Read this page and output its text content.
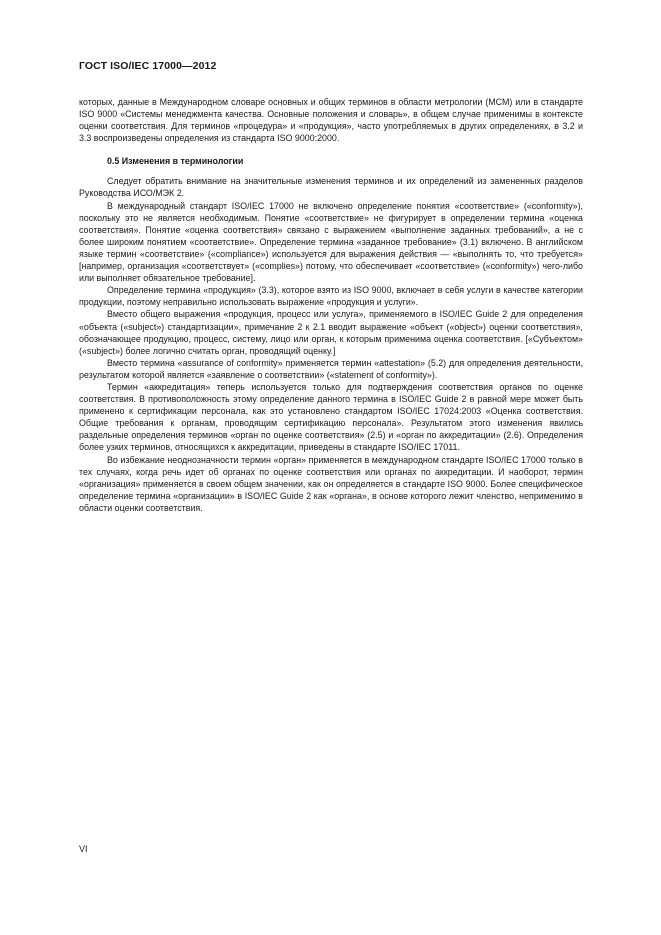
ГОСТ ISO/IEC 17000—2012

которых, данные в Международном словаре основных и общих терминов в области метрологии (МСМ) или в стандарте ISO 9000 «Системы менеджмента качества. Основные положения и словарь», в общем случае применимы в контексте оценки соответствия. Для терминов «процедура» и «продукция», часто употребляемых в других определениях, в 3.2 и 3.3 воспроизведены определения из стандарта ISO 9000:2000.

0.5 Изменения в терминологии

Следует обратить внимание на значительные изменения терминов и их определений из замененных разделов Руководства ИСО/МЭК 2.

В международный стандарт ISO/IEC 17000 не включено определение понятия «соответствие» («conformity»), поскольку это не является необходимым. Понятие «соответствие» не фигурирует в определении термина «оценка соответствия». Понятие «оценка соответствия» связано с выражением «выполнение заданных требований», а не с более широким понятием «соответствие». Определение термина «заданное требование» (3.1) включено. В английском языке термин «соответствие» («compliance») используется для выражения действия — «выполнять то, что требуется» [например, организация «соответствует» («complies») потому, что обеспечивает «соответствие» («conformity») чего-либо или выполняет обязательное требование].

Определение термина «продукция» (3.3), которое взято из ISO 9000, включает в себя услуги в качестве категории продукции, поэтому неправильно использовать выражение «продукция и услуги».

Вместо общего выражения «продукция, процесс или услуга», применяемого в ISO/IEC Guide 2 для определения «объекта («subject») стандартизации», примечание 2 к 2.1 вводит выражение «объект («object») оценки соответствия», обозначающее продукцию, процесс, систему, лицо или орган, к которым применима оценка соответствия. [«Субъектом» («subject») более логично считать орган, проводящий оценку.]

Вместо термина «assurance of conformity» применяется термин «attestation» (5.2) для определения деятельности, результатом которой является «заявление о соответствии» («statement of conformity»).

Термин «аккредитация» теперь используется только для подтверждения соответствия органов по оценке соответствия. В противоположность этому определение данного термина в ISO/IEC Guide 2 в равной мере может быть применено к сертификации персонала, как это установлено стандартом ISO/IEC 17024:2003 «Оценка соответствия. Общие требования к органам, проводящим сертификацию персонала». Результатом этого изменения явились раздельные определения терминов «орган по оценке соответствия» (2.5) и «орган по аккредитации» (2.6). Определения более узких терминов, относящихся к аккредитации, приведены в стандарте ISO/IEC 17011.

Во избежание неоднозначности термин «орган» применяется в международном стандарте ISO/IEC 17000 только в тех случаях, когда речь идет об органах по оценке соответствия или органах по аккредитации. И наоборот, термин «организация» применяется в своем общем значении, как он определяется в стандарте ISO 9000. Более специфическое определение термина «организации» в ISO/IEC Guide 2 как «органа», в основе которого лежит членство, неприменимо в области оценки соответствия.

VI
